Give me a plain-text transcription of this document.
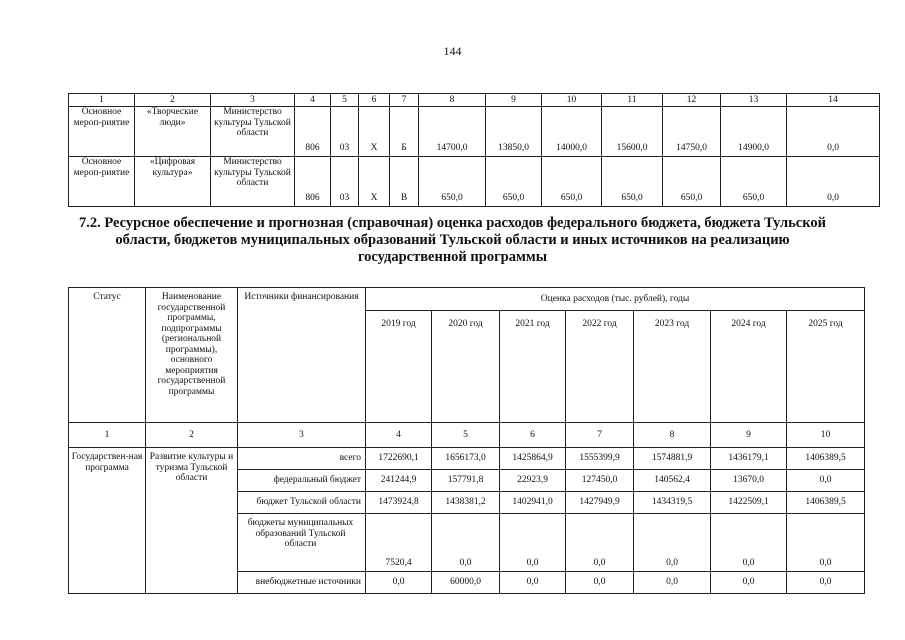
144
1	2	3	4	5	6	7	8	9	10	11	12	13	14
Основное мероп-риятие	«Творческие люди»	Министерство культуры Тульской области	806	03	Х	Б	14700,0	13850,0	14000,0	15600,0	14750,0	14900,0	0,0
Основное мероп-риятие	«Цифровая культура»	Министерство культуры Тульской области	806	03	Х	В	650,0	650,0	650,0	650,0	650,0	650,0	0,0
7.2. Ресурсное обеспечение и прогнозная (справочная) оценка расходов федерального бюджета, бюджета Тульской области, бюджетов муниципальных образований Тульской области и иных источников на реализацию государственной программы
Статус	Наименование государственной программы, подпрограммы (региональной программы), основного мероприятия государственной программы	Источники финансирования	Оценка расходов (тыс. рублей), годы						
			2019 год	2020 год	2021 год	2022 год	2023 год	2024 год	2025 год
1	2	3	4	5	6	7	8	9	10
Государствен-ная программа	Развитие культуры и туризма Тульской области	всего	1722690,1	1656173,0	1425864,9	1555399,9	1574881,9	1436179,1	1406389,5
		федеральный бюджет	241244,9	157791,8	22923,9	127450,0	140562,4	13670,0	0,0
		бюджет Тульской области	1473924,8	1438381,2	1402941,0	1427949,9	1434319,5	1422509,1	1406389,5
		бюджеты муниципальных образований Тульской области	7520,4	0,0	0,0	0,0	0,0	0,0	0,0
		внебюджетные источники	0,0	60000,0	0,0	0,0	0,0	0,0	0,0
